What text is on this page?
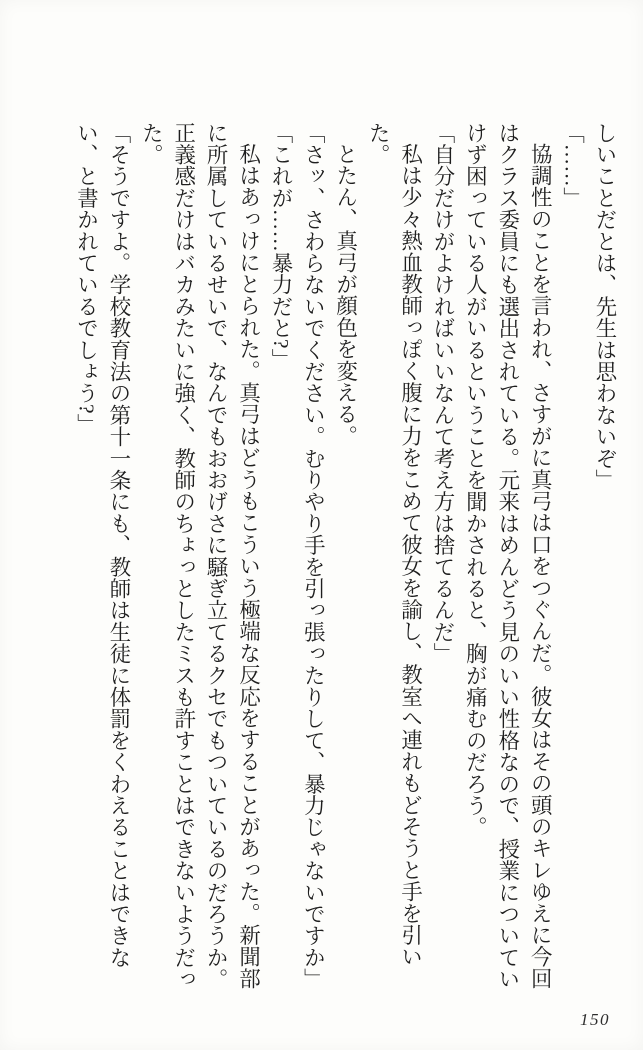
しいことだとは、先生は思わないぞ」

「……」

協調性のことを言われ、さすがに真弓は口をつぐんだ。彼女はその頭のキレゆえに今回はクラス委員にも選出されている。元来はめんどう見のいい性格なので、授業についていけず困っている人がいるということを聞かされると、胸が痛むのだろう。

「自分だけがよければいいなんて考え方は捨てるんだ」

私は少々熱血教師っぽく腹に力をこめて彼女を諭し、教室へ連れもどそうと手を引いた。

とたん、真弓が顔色を変える。

「さッ、さわらないでください。むりやり手を引っ張ったりして、暴力じゃないですか」

「これが……暴力だと?」

私はあっけにとられた。真弓はどうもこういう極端な反応をすることがあった。新聞部に所属しているせいで、なんでもおおげさに騒ぎ立てるクセでもついているのだろうか。正義感だけはバカみたいに強く、教師のちょっとしたミスも許すことはできないようだった。

「そうですよ。学校教育法の第十一条にも、教師は生徒に体罰をくわえることはできない、と書かれているでしょう?」

150
